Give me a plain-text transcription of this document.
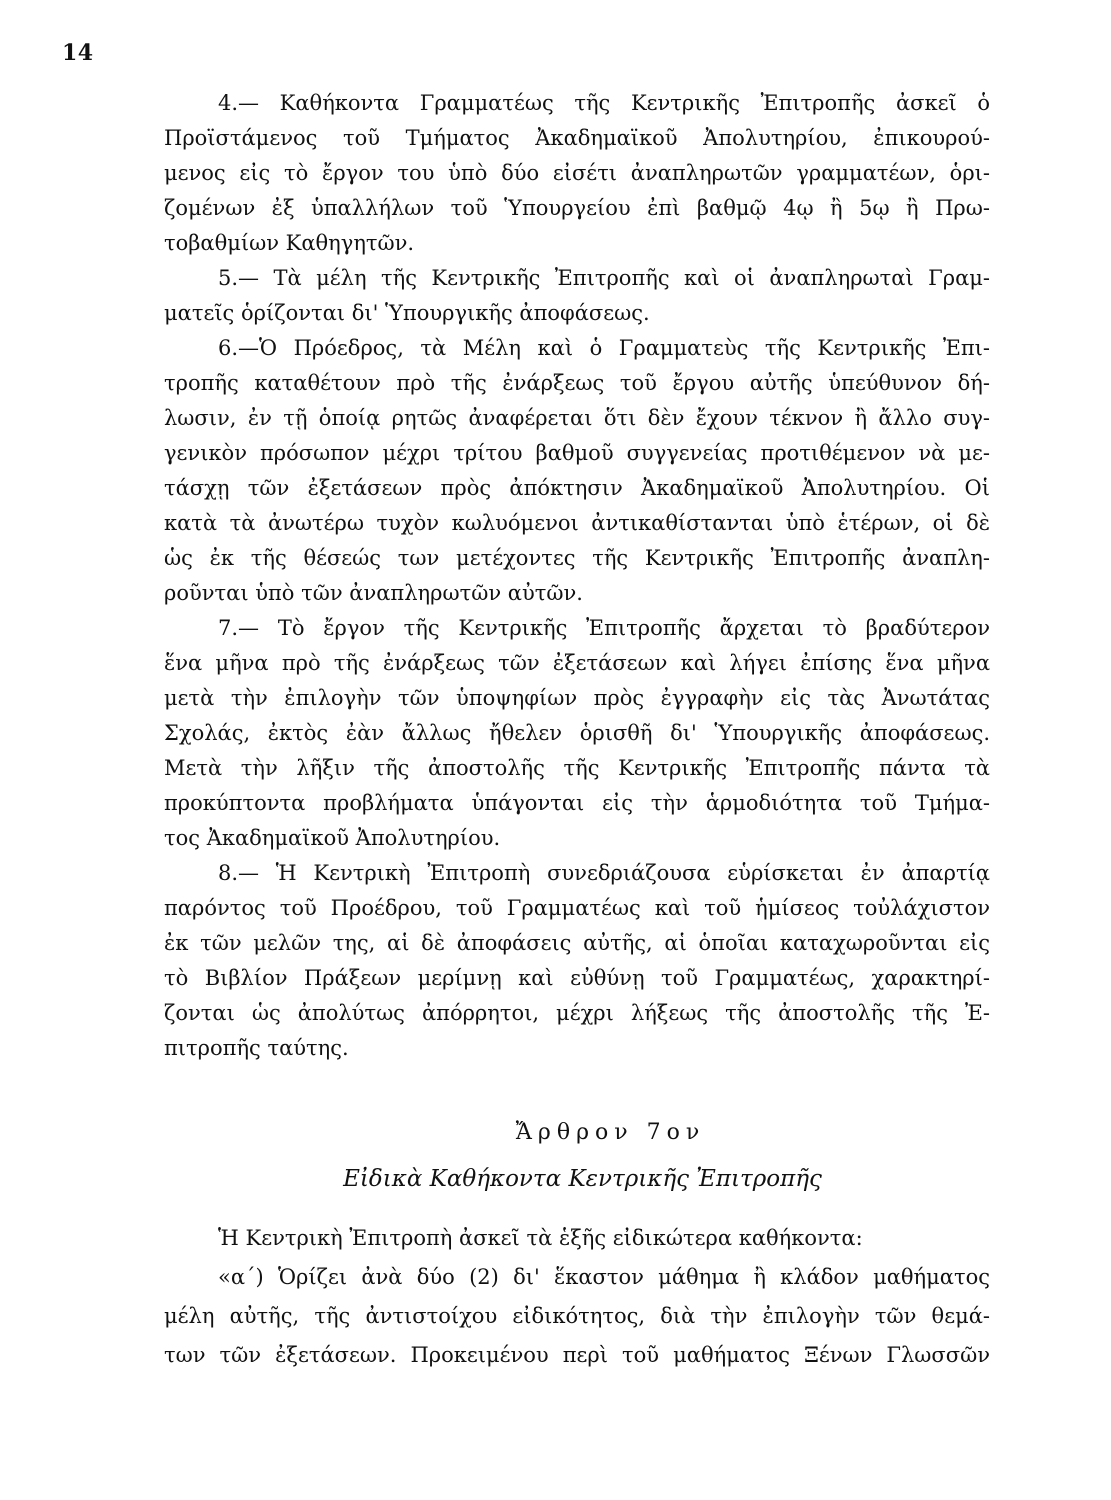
14
4.— Καθήκοντα Γραμματέως τῆς Κεντρικῆς Ἐπιτροπῆς ἀσκεῖ ὁ
Προϊστάμενος τοῦ Τμήματος Ἀκαδημαϊκοῦ Ἀπολυτηρίου, ἐπικουρού-
μενος εἰς τὸ ἔργον του ὑπὸ δύο εἰσέτι ἀναπληρωτῶν γραμματέων, ὁρι-
ζομένων ἐξ ὑπαλλήλων τοῦ Ὑπουργείου ἐπὶ βαθμῷ 4ῳ ἢ 5ῳ ἢ Πρω-
τοβαθμίων Καθηγητῶν.
5.— Τὰ μέλη τῆς Κεντρικῆς Ἐπιτροπῆς καὶ οἱ ἀναπληρωταὶ Γραμ-
ματεῖς ὁρίζονται δι' Ὑπουργικῆς ἀποφάσεως.
6.—Ὁ Πρόεδρος, τὰ Μέλη καὶ ὁ Γραμματεὺς τῆς Κεντρικῆς Ἐπι-
τροπῆς καταθέτουν πρὸ τῆς ἐνάρξεως τοῦ ἔργου αὐτῆς ὑπεύθυνον δή-
λωσιν, ἐν τῇ ὁποίᾳ ρητῶς ἀναφέρεται ὅτι δὲν ἔχουν τέκνον ἢ ἄλλο συγ-
γενικὸν πρόσωπον μέχρι τρίτου βαθμοῦ συγγενείας προτιθέμενον νὰ με-
τάσχῃ τῶν ἐξετάσεων πρὸς ἀπόκτησιν Ἀκαδημαϊκοῦ Ἀπολυτηρίου. Οἱ
κατὰ τὰ ἀνωτέρω τυχὸν κωλυόμενοι ἀντικαθίστανται ὑπὸ ἑτέρων, οἱ δὲ
ὡς ἐκ τῆς θέσεώς των μετέχοντες τῆς Κεντρικῆς Ἐπιτροπῆς ἀναπλη-
ροῦνται ὑπὸ τῶν ἀναπληρωτῶν αὐτῶν.
7.— Τὸ ἔργον τῆς Κεντρικῆς Ἐπιτροπῆς ἄρχεται τὸ βραδύτερον
ἕνα μῆνα πρὸ τῆς ἐνάρξεως τῶν ἐξετάσεων καὶ λήγει ἐπίσης ἕνα μῆνα
μετὰ τὴν ἐπιλογὴν τῶν ὑποψηφίων πρὸς ἐγγραφὴν εἰς τὰς Ἀνωτάτας
Σχολάς, ἐκτὸς ἐὰν ἄλλως ἤθελεν ὁρισθῆ δι' Ὑπουργικῆς ἀποφάσεως.
Μετὰ τὴν λῆξιν τῆς ἀποστολῆς τῆς Κεντρικῆς Ἐπιτροπῆς πάντα τὰ
προκύπτοντα προβλήματα ὑπάγονται εἰς τὴν ἁρμοδιότητα τοῦ Τμήμα-
τος Ἀκαδημαϊκοῦ Ἀπολυτηρίου.
8.— Ἡ Κεντρικὴ Ἐπιτροπὴ συνεδριάζουσα εὑρίσκεται ἐν ἀπαρτίᾳ
παρόντος τοῦ Προέδρου, τοῦ Γραμματέως καὶ τοῦ ἡμίσεος τοὐλάχιστον
ἐκ τῶν μελῶν της, αἱ δὲ ἀποφάσεις αὐτῆς, αἱ ὁποῖαι καταχωροῦνται εἰς
τὸ Βιβλίον Πράξεων μερίμνῃ καὶ εὐθύνῃ τοῦ Γραμματέως, χαρακτηρί-
ζονται ὡς ἀπολύτως ἀπόρρητοι, μέχρι λήξεως τῆς ἀποστολῆς τῆς Ἐ-
πιτροπῆς ταύτης.
Ἄρθρον 7ον
Εἰδικὰ Καθήκοντα Κεντρικῆς Ἐπιτροπῆς
Ἡ Κεντρικὴ Ἐπιτροπὴ ἀσκεῖ τὰ ἑξῆς εἰδικώτερα καθήκοντα:
«α΄) Ὁρίζει ἀνὰ δύο (2) δι' ἕκαστον μάθημα ἢ κλάδον μαθήματος
μέλη αὐτῆς, τῆς ἀντιστοίχου εἰδικότητος, διὰ τὴν ἐπιλογὴν τῶν θεμά-
των τῶν ἐξετάσεων. Προκειμένου περὶ τοῦ μαθήματος Ξένων Γλωσσῶν
